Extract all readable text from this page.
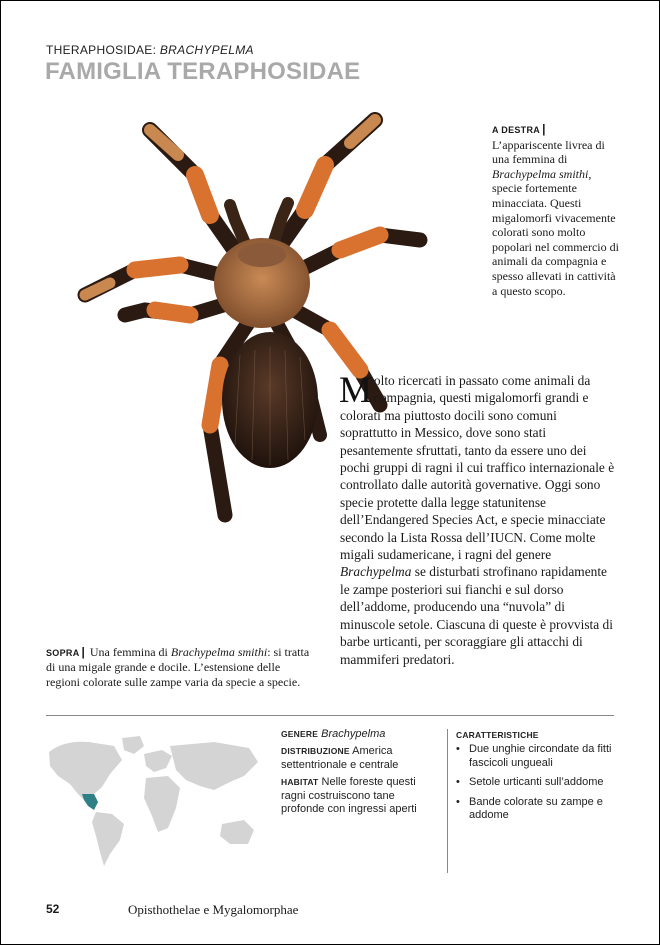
THERAPHOSIDAE: BRACHYPELMA
FAMIGLIA TERAPHOSIDAE
A DESTRA |
L’appariscente livrea di una femmina di Brachypelma smithi, specie fortemente minacciata. Questi migalomorfi vivacemente colorati sono molto popolari nel commercio di animali da compagnia e spesso allevati in cattività a questo scopo.
Molto ricercati in passato come animali da compagnia, questi migalomorfi grandi e colorati ma piuttosto docili sono comuni soprattutto in Messico, dove sono stati pesantemente sfruttati, tanto da essere uno dei pochi gruppi di ragni il cui traffico internazionale è controllato dalle autorità governative. Oggi sono specie protette dalla legge statunitense dell’Endangered Species Act, e specie minacciate secondo la Lista Rossa dell’IUCN. Come molte migali sudamericane, i ragni del genere Brachypelma se disturbati strofinano rapidamente le zampe posteriori sui fianchi e sul dorso dell’addome, producendo una “nuvola” di minuscole setole. Ciascuna di queste è provvista di barbe urticanti, per scoraggiare gli attacchi di mammiferi predatori.
SOPRA | Una femmina di Brachypelma smithi: si tratta di una migale grande e docile. L’estensione delle regioni colorate sulle zampe varia da specie a specie.
GENERE Brachypelma
DISTRIBUZIONE America settentrionale e centrale
HABITAT Nelle foreste questi ragni costruiscono tane profonde con ingressi aperti
CARATTERISTICHE
• Due unghie circondate da fitti fascicoli ungueali
• Setole urticanti sull’addome
• Bande colorate su zampe e addome
52	Opisthothelae e Mygalomorphae
